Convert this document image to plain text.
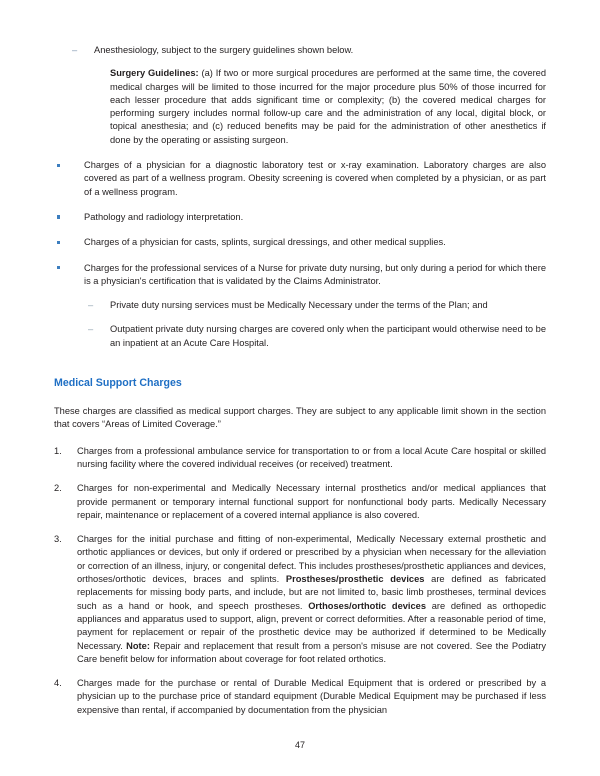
– Anesthesiology, subject to the surgery guidelines shown below.

Surgery Guidelines: (a) If two or more surgical procedures are performed at the same time, the covered medical charges will be limited to those incurred for the major procedure plus 50% of those incurred for each lesser procedure that adds significant time or complexity; (b) the covered medical charges for performing surgery includes normal follow-up care and the administration of any local, digital block, or topical anesthesia; and (c) reduced benefits may be paid for the administration of other anesthetics if done by the operating or assisting surgeon.

Charges of a physician for a diagnostic laboratory test or x-ray examination. Laboratory charges are also covered as part of a wellness program. Obesity screening is covered when completed by a physician, or as part of a wellness program.

Pathology and radiology interpretation.

Charges of a physician for casts, splints, surgical dressings, and other medical supplies.

Charges for the professional services of a Nurse for private duty nursing, but only during a period for which there is a physician's certification that is validated by the Claims Administrator.

– Private duty nursing services must be Medically Necessary under the terms of the Plan; and

– Outpatient private duty nursing charges are covered only when the participant would otherwise need to be an inpatient at an Acute Care Hospital.

Medical Support Charges

These charges are classified as medical support charges. They are subject to any applicable limit shown in the section that covers “Areas of Limited Coverage.”

1. Charges from a professional ambulance service for transportation to or from a local Acute Care hospital or skilled nursing facility where the covered individual receives (or received) treatment.

2. Charges for non-experimental and Medically Necessary internal prosthetics and/or medical appliances that provide permanent or temporary internal functional support for nonfunctional body parts. Medically Necessary repair, maintenance or replacement of a covered internal appliance is also covered.

3. Charges for the initial purchase and fitting of non-experimental, Medically Necessary external prosthetic and orthotic appliances or devices, but only if ordered or prescribed by a physician when necessary for the alleviation or correction of an illness, injury, or congenital defect. This includes prostheses/prosthetic appliances and devices, orthoses/orthotic devices, braces and splints. Prostheses/prosthetic devices are defined as fabricated replacements for missing body parts, and include, but are not limited to, basic limb prostheses, terminal devices such as a hand or hook, and speech prostheses. Orthoses/orthotic devices are defined as orthopedic appliances and apparatus used to support, align, prevent or correct deformities. After a reasonable period of time, payment for replacement or repair of the prosthetic device may be authorized if determined to be Medically Necessary. Note: Repair and replacement that result from a person's misuse are not covered. See the Podiatry Care benefit below for information about coverage for foot related orthotics.

4. Charges made for the purchase or rental of Durable Medical Equipment that is ordered or prescribed by a physician up to the purchase price of standard equipment (Durable Medical Equipment may be purchased if less expensive than rental, if accompanied by documentation from the physician

47
